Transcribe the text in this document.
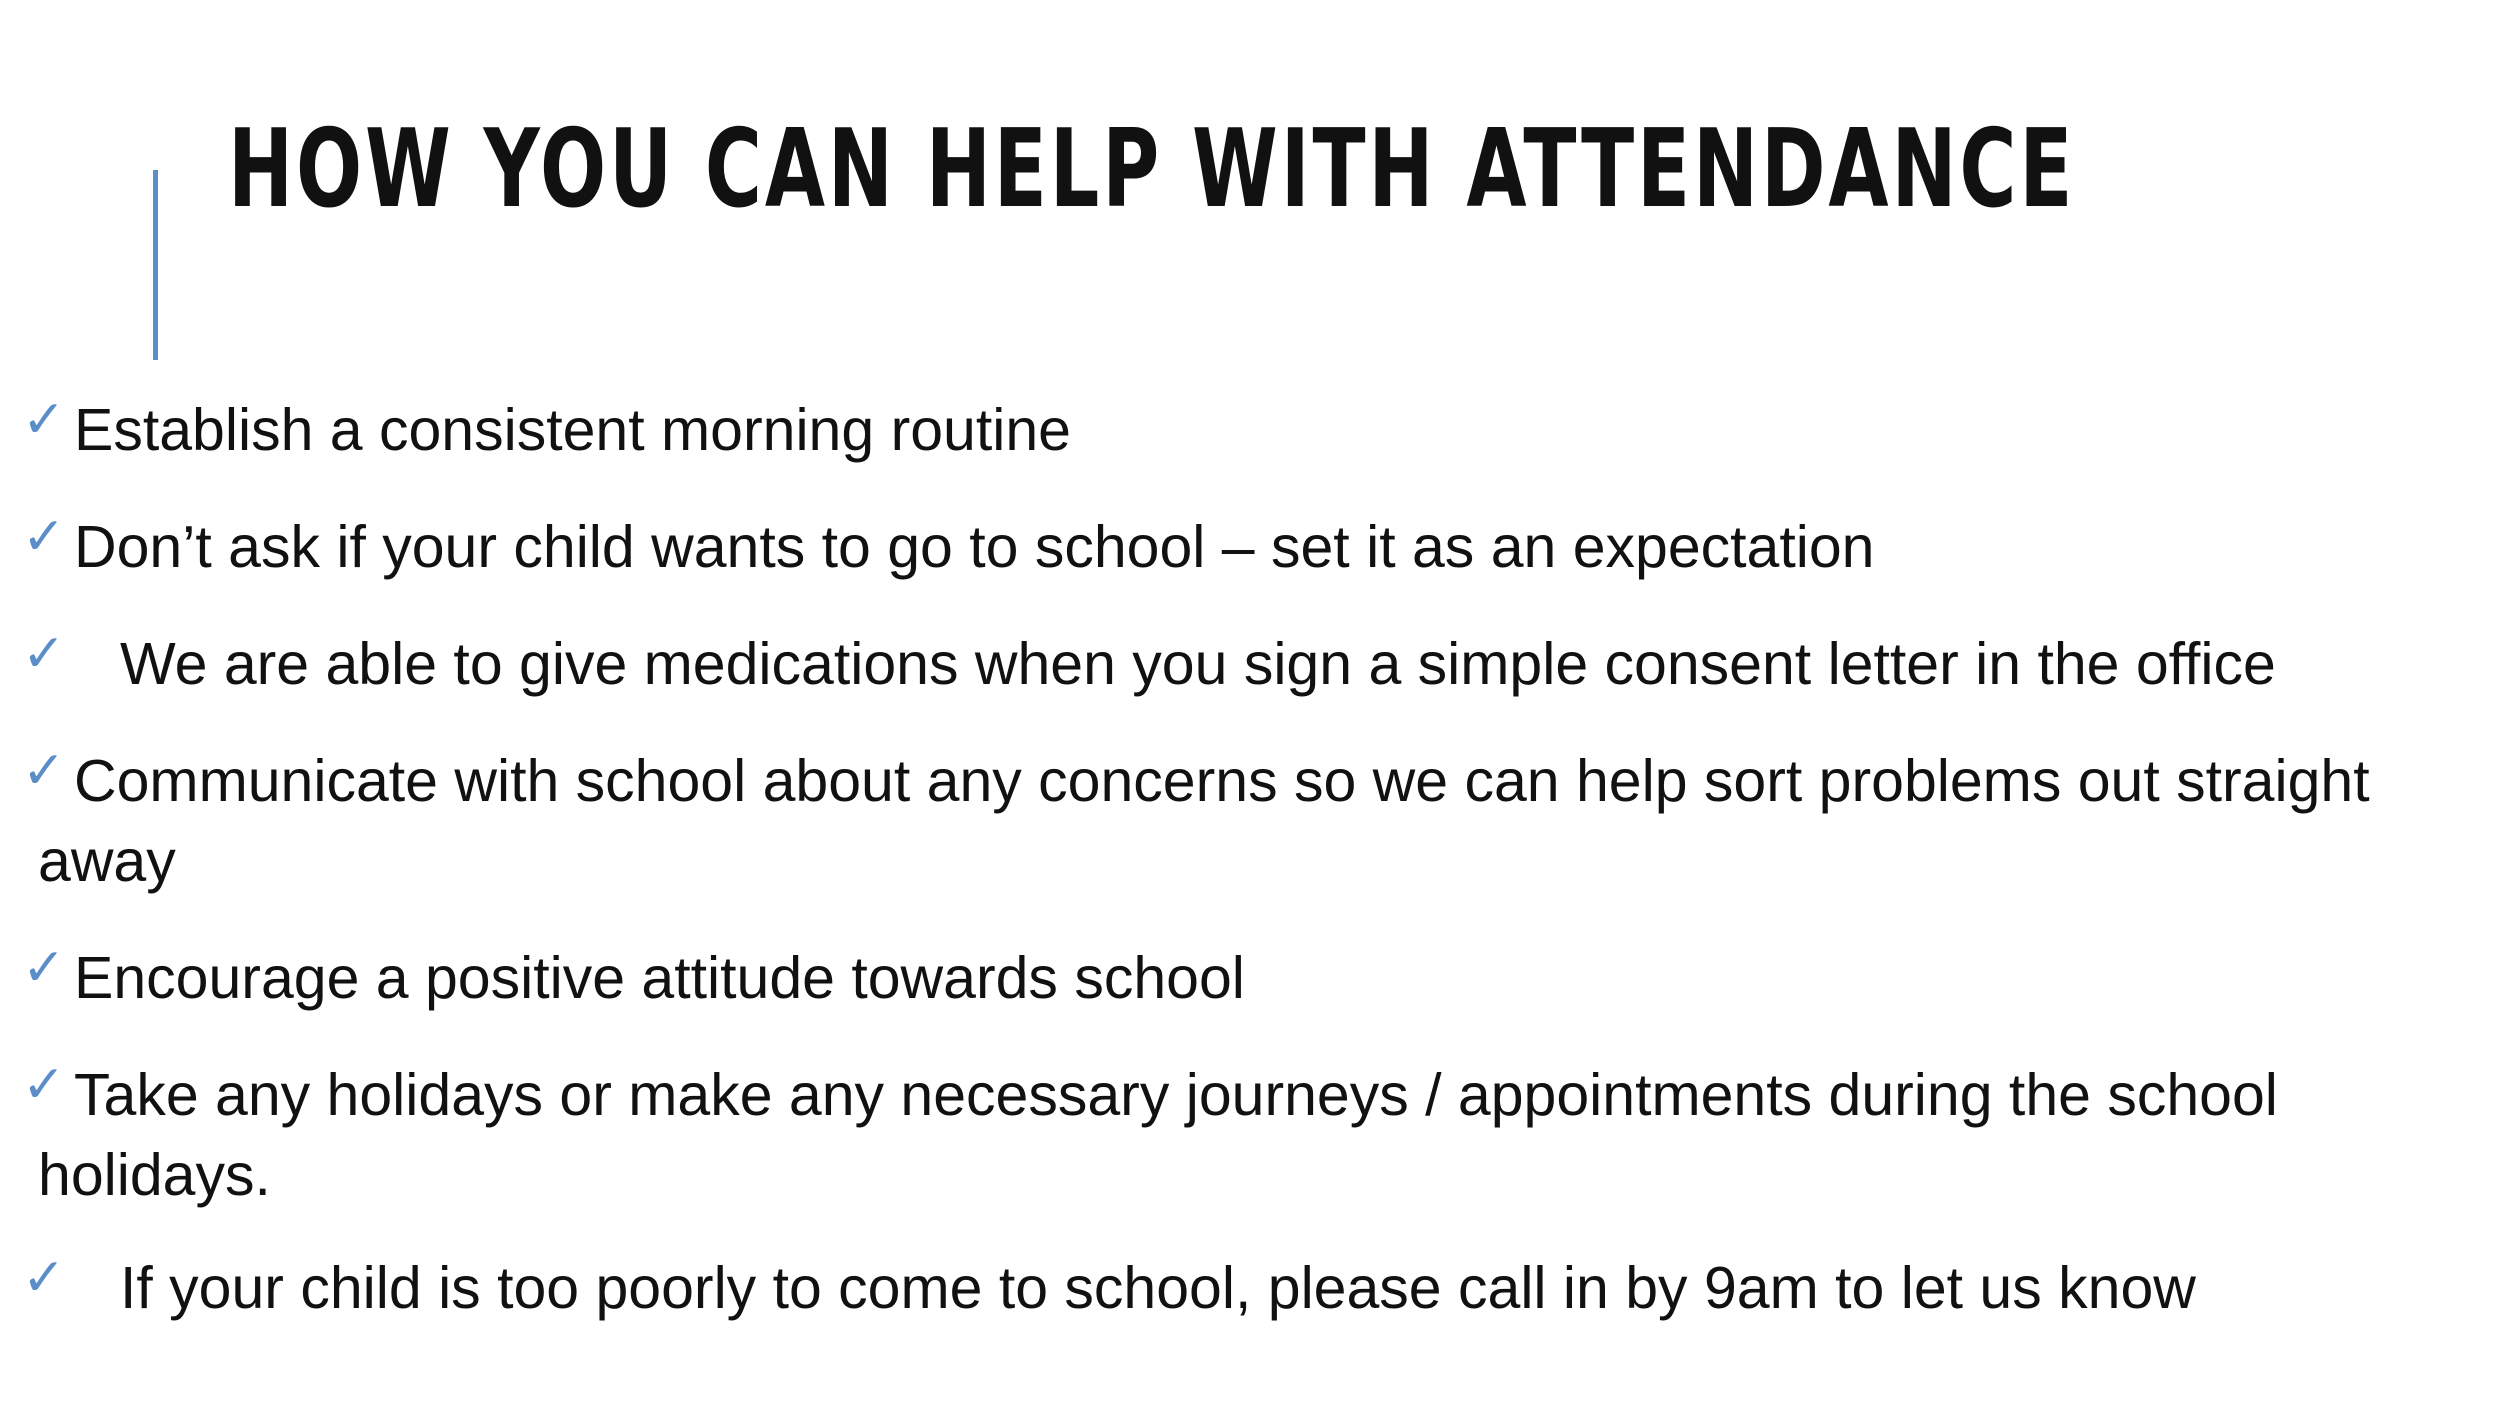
HOW YOU CAN HELP WITH ATTENDANCE
✓ Establish a consistent morning routine
✓ Don’t ask if your child wants to go to school – set it as an expectation
✓ We are able to give medications when you sign a simple consent letter in the office
✓ Communicate with school about any concerns so we can help sort problems out straight away
✓ Encourage a positive attitude towards school
✓ Take any holidays or make any necessary journeys / appointments during the school holidays.
✓ If your child is too poorly to come to school, please call in by 9am to let us know
